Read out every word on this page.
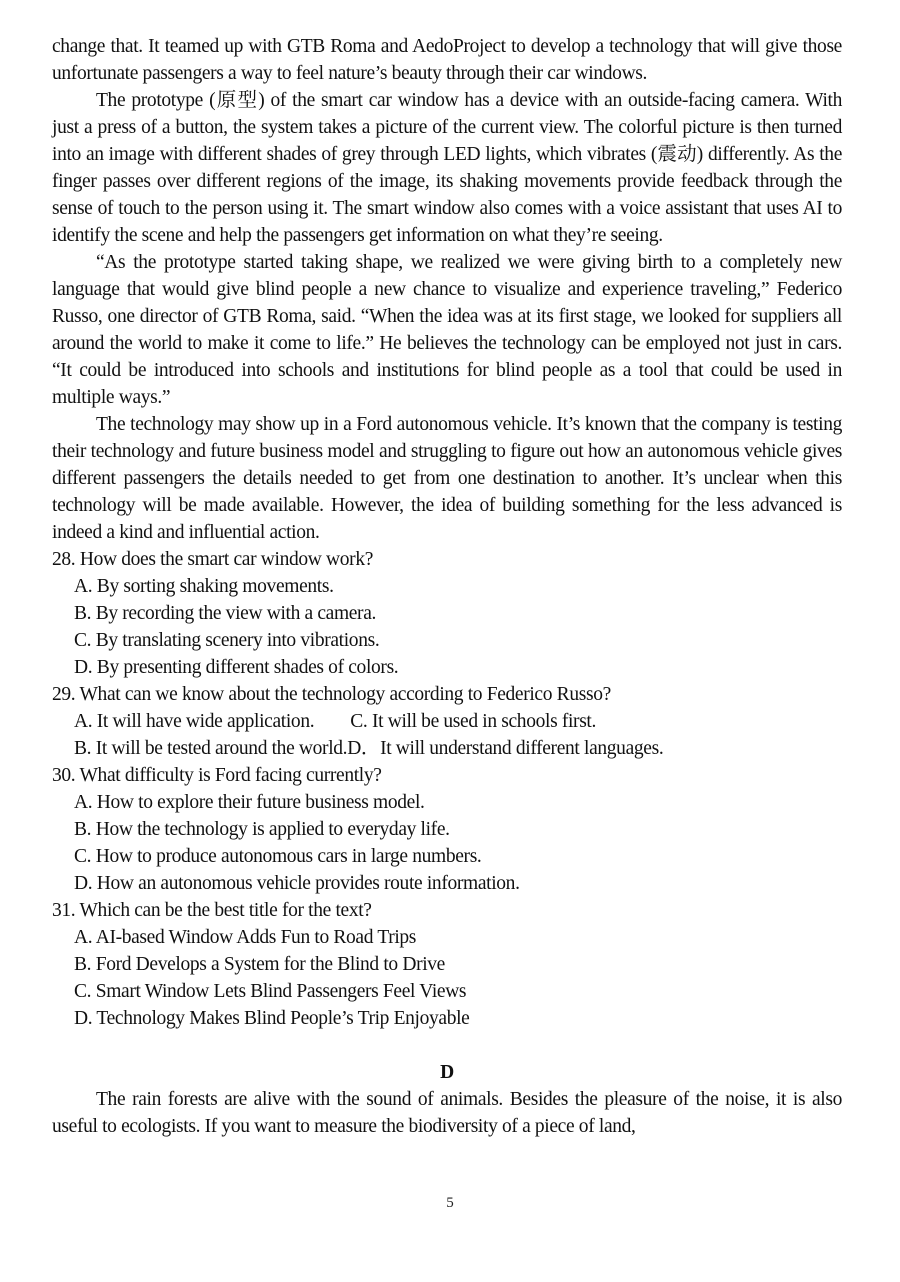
change that. It teamed up with GTB Roma and AedoProject to develop a technology that will give those unfortunate passengers a way to feel nature’s beauty through their car windows.

The prototype (原型) of the smart car window has a device with an outside-facing camera. With just a press of a button, the system takes a picture of the current view. The colorful picture is then turned into an image with different shades of grey through LED lights, which vibrates (震动) differently. As the finger passes over different regions of the image, its shaking movements provide feedback through the sense of touch to the person using it. The smart window also comes with a voice assistant that uses AI to identify the scene and help the passengers get information on what they’re seeing.

“As the prototype started taking shape, we realized we were giving birth to a completely new language that would give blind people a new chance to visualize and experience traveling,” Federico Russo, one director of GTB Roma, said. “When the idea was at its first stage, we looked for suppliers all around the world to make it come to life.” He believes the technology can be employed not just in cars. “It could be introduced into schools and institutions for blind people as a tool that could be used in multiple ways.”

The technology may show up in a Ford autonomous vehicle. It’s known that the company is testing their technology and future business model and struggling to figure out how an autonomous vehicle gives different passengers the details needed to get from one destination to another. It’s unclear when this technology will be made available. However, the idea of building something for the less advanced is indeed a kind and influential action.

28. How does the smart car window work?

A. By sorting shaking movements.

B. By recording the view with a camera.

C. By translating scenery into vibrations.

D. By presenting different shades of colors.

29. What can we know about the technology according to Federico Russo?

A. It will have wide application. C. It will be used in schools first.

B. It will be tested around the world.D．It will understand different languages.

30. What difficulty is Ford facing currently?

A. How to explore their future business model.

B. How the technology is applied to everyday life.

C. How to produce autonomous cars in large numbers.

D. How an autonomous vehicle provides route information.

31. Which can be the best title for the text?

A. AI-based Window Adds Fun to Road Trips

B. Ford Develops a System for the Blind to Drive

C. Smart Window Lets Blind Passengers Feel Views

D. Technology Makes Blind People’s Trip Enjoyable

D

The rain forests are alive with the sound of animals. Besides the pleasure of the noise, it is also useful to ecologists. If you want to measure the biodiversity of a piece of land,

5
